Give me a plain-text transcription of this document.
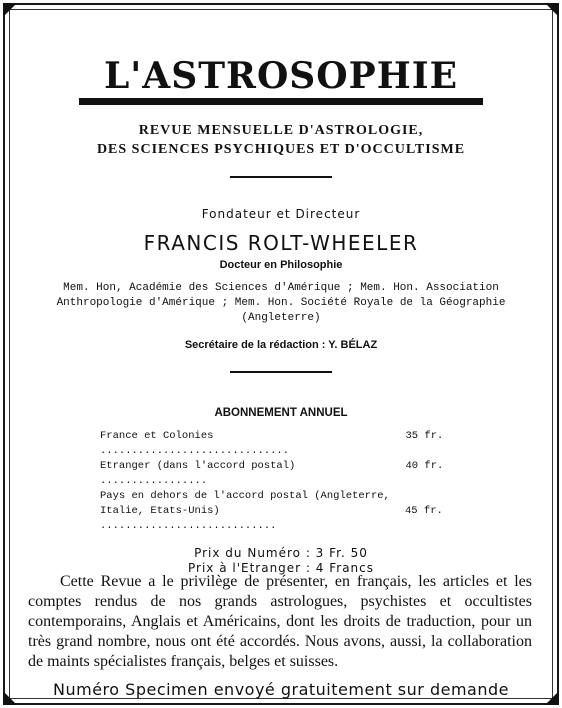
L'ASTROSOPHIE
REVUE MENSUELLE D'ASTROLOGIE,
DES SCIENCES PSYCHIQUES ET D'OCCULTISME
Fondateur et Directeur
FRANCIS ROLT-WHEELER
Docteur en Philosophie
Mem. Hon, Académie des Sciences d'Amérique ; Mem. Hon. Association
Anthropologie d'Amérique ; Mem. Hon. Société Royale de la Géographie
(Angleterre)
Secrétaire de la rédaction : Y. BÉLAZ
ABONNEMENT ANNUEL
France et Colonies ..............................
35 fr.
Etranger (dans l'accord postal) .................
40 fr.
Pays en dehors de l'accord postal (Angleterre,
Italie, Etats-Unis) ............................

45 fr.
Prix du Numéro : 3 Fr. 50
Prix à l'Etranger : 4 Francs

Cette Revue a le privilège de présenter, en français, les articles et les comptes rendus de nos grands astrologues, psychistes et occultistes contemporains, Anglais et Américains, dont les droits de traduction, pour un très grand nombre, nous ont été accordés. Nous avons, aussi, la collaboration de maints spécialistes français, belges et suisses.

Numéro Specimen envoyé gratuitement sur demande
